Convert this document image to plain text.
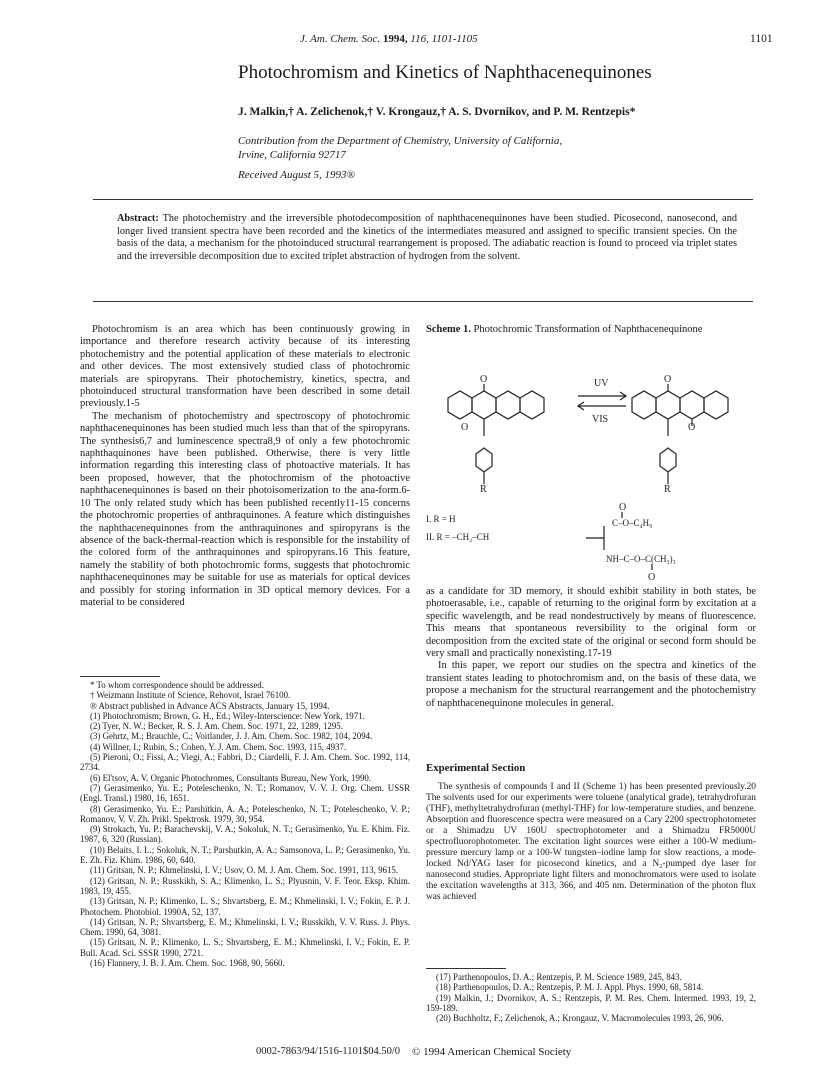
J. Am. Chem. Soc. 1994, 116, 1101-1105	1101
Photochromism and Kinetics of Naphthacenequinones
J. Malkin,† A. Zelichenok,† V. Krongauz,† A. S. Dvornikov, and P. M. Rentzepis*
Contribution from the Department of Chemistry, University of California,
Irvine, California 92717
Received August 5, 1993®
Abstract: The photochemistry and the irreversible photodecomposition of naphthacenequinones have been studied. Picosecond, nanosecond, and longer lived transient spectra have been recorded and the kinetics of the intermediates measured and assigned to specific transient species. On the basis of the data, a mechanism for the photoinduced structural rearrangement is proposed. The adiabatic reaction is found to proceed via triplet states and the irreversible decomposition due to excited triplet abstraction of hydrogen from the solvent.

Photochromism is an area which has been continuously growing in importance and therefore research activity because of its interesting photochemistry and the potential application of these materials to electronic and other devices. The most extensively studied class of photochromic materials are spiropyrans. Their photochemistry, kinetics, spectra, and photoinduced structural transformation have been described in some detail previously.1-5

The mechanism of photochemistry and spectroscopy of photochromic naphthacenequinones has been studied much less than that of the spiropyrans. The synthesis6,7 and luminescence spectra8,9 of only a few photochromic naphthaquinones have been published. Otherwise, there is very little information regarding this interesting class of photoactive materials. It has been proposed, however, that the photochromism of the photoactive naphthacenequinones is based on their photoisomerization to the ana-form.6-10 The only related study which has been published recently11-15 concerns the photochromic properties of anthraquinones. A feature which distinguishes the naphthacenequinones from the anthraquinones and spiropyrans is the absence of the back-thermal-reaction which is responsible for the instability of the colored form of the anthraquinones and spiropyrans.16 This feature, namely the stability of both photochromic forms, suggests that photochromic naphthacenequinones may be suitable for use as materials for optical devices and possibly for storing information in 3D optical memory devices. For a material to be considered

* To whom correspondence should be addressed.
† Weizmann Institute of Science, Rehovot, Israel 76100.
® Abstract published in Advance ACS Abstracts, January 15, 1994.
(1) Photochromism; Brown, G. H., Ed.; Wiley-Interscience: New York, 1971.
(2) Tyer, N. W.; Becker, R. S. J. Am. Chem. Soc. 1971, 22, 1289, 1295.
(3) Gehrtz, M.; Brauchle, C.; Voitlander, J. J. Am. Chem. Soc. 1982, 104, 2094.
(4) Willner, I.; Rubin, S.; Cohen, Y. J. Am. Chem. Soc. 1993, 115, 4937.
(5) Pieroni, O.; Fissi, A.; Viegi, A.; Fabbri, D.; Ciardelli, F. J. Am. Chem. Soc. 1992, 114, 2734.
(6) El'tsov, A. V. Organic Photochromes, Consultants Bureau, New York, 1990.
(7) Gerasimenko, Yu. E.; Poteleschenko, N. T.; Romanov, V. V. J. Org. Chem. USSR (Engl. Transl.) 1980, 16, 1651.
(8) Gerasimenko, Yu. E.; Parshitkin, A. A.; Poteleschenko, N. T.; Poteleschenko, V. P.; Romanov, V. V. Zh. Prikl. Spektrosk. 1979, 30, 954.
(9) Strokach, Yu. P.; Barachevskij, V. A.; Sokoluk, N. T.; Gerasimenko, Yu. E. Khim. Fiz. 1987, 6, 320 (Russian).
(10) Belaits, I. L.; Sokoluk, N. T.; Parshutkin, A. A.; Samsonova, L. P.; Gerasimenko, Yu. E. Zh. Fiz. Khim. 1986, 60, 640.
(11) Gritsan, N. P.; Khmelinski, I. V.; Usov, O. M. J. Am. Chem. Soc. 1991, 113, 9615.
(12) Gritsan, N. P.; Russkikh, S. A.; Klimenko, L. S.; Plyusnin, V. F. Teor. Eksp. Khim. 1983, 19, 455.
(13) Gritsan, N. P.; Klimenko, L. S.; Shvartsberg, E. M.; Khmelinski, I. V.; Fokin, E. P. J. Photochem. Photobiol. 1990A, 52, 137.
(14) Gritsan, N. P.; Shvartsberg, E. M.; Khmelinski, I. V.; Russkikh, V. V. Russ. J. Phys. Chem. 1990, 64, 3081.
(15) Gritsan, N. P.; Klimenko, L. S.; Shvartsberg, E. M.; Khmelinski, I. V.; Fokin, E. P. Bull. Acad. Sci. SSSR 1990, 2721.
(16) Flannery, J. B. J. Am. Chem. Soc. 1968, 90, 5660.
Scheme 1. Photochromic Transformation of Naphthacenequinone
O
O
R
UV
VIS
O
O
R
O
I. R = H
II. R = –CH₂–CH
C–O–C₄H₉
NH–C–O–C(CH₃)₃
O

as a candidate for 3D memory, it should exhibit stability in both states, be photoerasable, i.e., capable of returning to the original form by excitation at a specific wavelength, and be read nondestructively by means of fluorescence. This means that spontaneous reversibility to the original form or decomposition from the excited state of the original or second form should be very small and practically nonexisting.17-19

In this paper, we report our studies on the spectra and kinetics of the transient states leading to photochromism and, on the basis of these data, we propose a mechanism for the structural rearrangement and the photochemistry of naphthacenequinone molecules in general.

Experimental Section

The synthesis of compounds I and II (Scheme 1) has been presented previously.20 The solvents used for our experiments were toluene (analytical grade), tetrahydrofuran (THF), methyltetrahydrofuran (methyl-THF) for low-temperature studies, and benzene. Absorption and fluorescence spectra were measured on a Cary 2200 spectrophotometer or a Shimadzu UV 160U spectrophotometer and a Shimadzu FR5000U spectrofluorophotometer. The excitation light sources were either a 100-W medium-pressure mercury lamp or a 100-W tungsten–iodine lamp for slow reactions, a mode-locked Nd/YAG laser for picosecond kinetics, and a N₂-pumped dye laser for nanosecond studies. Appropriate light filters and monochromators were used to isolate the excitation wavelengths at 313, 366, and 405 nm. Determination of the photon flux was achieved

(17) Parthenopoulos, D. A.; Rentzepis, P. M. Science 1989, 245, 843.
(18) Parthenopoulos, D. A.; Rentzepis, P. M. J. Appl. Phys. 1990, 68, 5814.
(19) Malkin, J.; Dvornikov, A. S.; Rentzepis, P. M. Res. Chem. Intermed. 1993, 19, 2, 159-189.
(20) Buchholtz, F.; Zelichenok, A.; Krongauz, V. Macromolecules 1993, 26, 906.
0002-7863/94/1516-1101$04.50/0 © 1994 American Chemical Society
